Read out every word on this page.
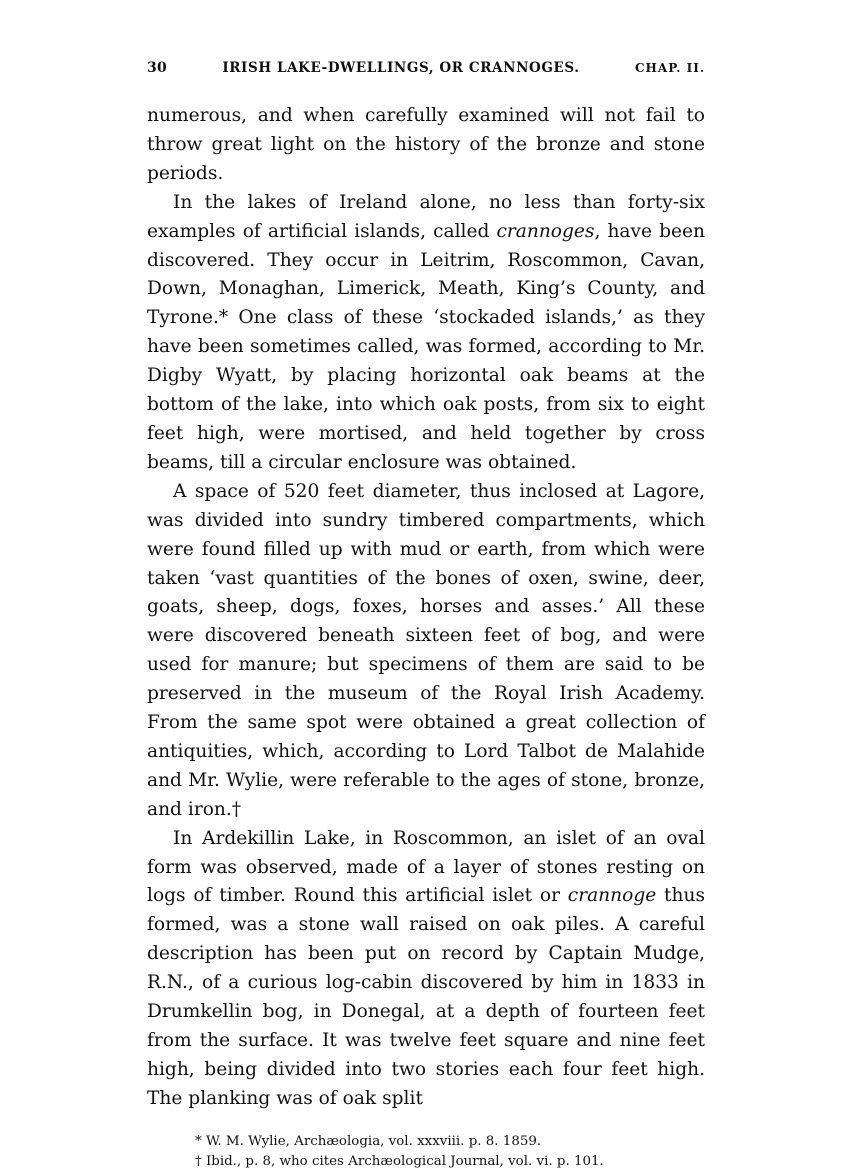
30	IRISH LAKE-DWELLINGS, OR CRANNOGES.	CHAP. II.

numerous, and when carefully examined will not fail to throw great light on the history of the bronze and stone periods.

In the lakes of Ireland alone, no less than forty-six examples of artificial islands, called crannoges, have been discovered. They occur in Leitrim, Roscommon, Cavan, Down, Monaghan, Limerick, Meath, King’s County, and Tyrone.* One class of these ‘stockaded islands,’ as they have been sometimes called, was formed, according to Mr. Digby Wyatt, by placing horizontal oak beams at the bottom of the lake, into which oak posts, from six to eight feet high, were mortised, and held together by cross beams, till a circular enclosure was obtained.

A space of 520 feet diameter, thus inclosed at Lagore, was divided into sundry timbered compartments, which were found filled up with mud or earth, from which were taken ‘vast quantities of the bones of oxen, swine, deer, goats, sheep, dogs, foxes, horses and asses.’ All these were discovered beneath sixteen feet of bog, and were used for manure; but specimens of them are said to be preserved in the museum of the Royal Irish Academy. From the same spot were obtained a great collection of antiquities, which, according to Lord Talbot de Malahide and Mr. Wylie, were referable to the ages of stone, bronze, and iron.†

In Ardekillin Lake, in Roscommon, an islet of an oval form was observed, made of a layer of stones resting on logs of timber. Round this artificial islet or crannoge thus formed, was a stone wall raised on oak piles. A careful description has been put on record by Captain Mudge, R.N., of a curious log-cabin discovered by him in 1833 in Drumkellin bog, in Donegal, at a depth of fourteen feet from the surface. It was twelve feet square and nine feet high, being divided into two stories each four feet high. The planking was of oak split

* W. M. Wylie, Archæologia, vol. xxxviii. p. 8. 1859.
† Ibid., p. 8, who cites Archæological Journal, vol. vi. p. 101.
